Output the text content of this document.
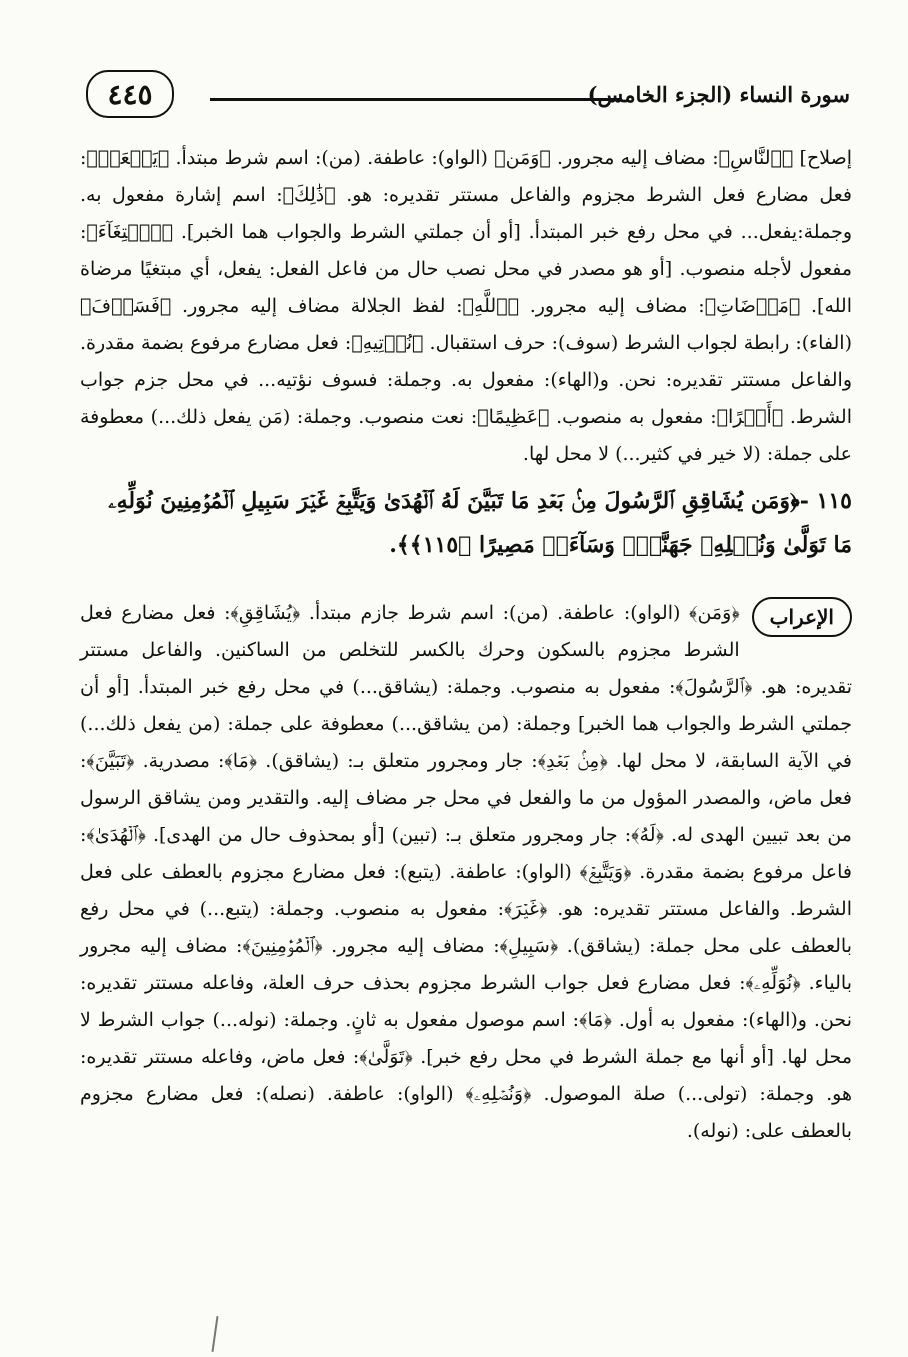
٤٤٥	سورة النساء (الجزء الخامس)

إصلاح] ﴿ٱلنَّاسِ﴾: مضاف إليه مجرور. ﴿وَمَن﴾ (الواو): عاطفة. (من): اسم شرط مبتدأ. ﴿يَفۡعَلۡ﴾: فعل مضارع فعل الشرط مجزوم والفاعل مستتر تقديره: هو. ﴿ذَٰلِكَ﴾: اسم إشارة مفعول به. وجملة:يفعل... في محل رفع خبر المبتدأ. [أو أن جملتي الشرط والجواب هما الخبر]. ﴿ٱبۡتِغَآءَ﴾: مفعول لأجله منصوب. [أو هو مصدر في محل نصب حال من فاعل الفعل: يفعل، أي مبتغيًا مرضاة الله]. ﴿مَرۡضَاتِ﴾: مضاف إليه مجرور. ﴿ٱللَّهِ﴾: لفظ الجلالة مضاف إليه مجرور. ﴿فَسَوۡفَ﴾ (الفاء): رابطة لجواب الشرط (سوف): حرف استقبال. ﴿نُؤۡتِيهِ﴾: فعل مضارع مرفوع بضمة مقدرة. والفاعل مستتر تقديره: نحن. و(الهاء): مفعول به. وجملة: فسوف نؤتيه... في محل جزم جواب الشرط. ﴿أَجۡرًا﴾: مفعول به منصوب. ﴿عَظِيمًا﴾: نعت منصوب. وجملة: (مَن يفعل ذلك...) معطوفة على جملة: (لا خير في كثير...) لا محل لها.

١١٥ -﴿وَمَن يُشَاقِقِ ٱلرَّسُولَ مِنۢ بَعۡدِ مَا تَبَيَّنَ لَهُ ٱلۡهُدَىٰ وَيَتَّبِعۡ غَيۡرَ سَبِيلِ ٱلۡمُؤۡمِنِينَ نُوَلِّهِۦ

مَا تَوَلَّىٰ وَنُصۡلِهِۦ جَهَنَّمَۖ وَسَآءَتۡ مَصِيرًا ﴿١١٥﴾﴾.

الإعراب
﴿وَمَن﴾ (الواو): عاطفة. (من): اسم شرط جازم مبتدأ. ﴿يُشَاقِقِ﴾: فعل مضارع فعل الشرط مجزوم بالسكون وحرك بالكسر للتخلص من الساكنين. والفاعل مستتر تقديره: هو. ﴿ٱلرَّسُولَ﴾: مفعول به منصوب. وجملة: (يشاقق...) في محل رفع خبر المبتدأ. [أو أن جملتي الشرط والجواب هما الخبر] وجملة: (من يشاقق...) معطوفة على جملة: (من يفعل ذلك...) في الآية السابقة، لا محل لها. ﴿مِنۢ بَعۡدِ﴾: جار ومجرور متعلق بـ: (يشاقق). ﴿مَا﴾: مصدرية. ﴿تَبَيَّنَ﴾: فعل ماض، والمصدر المؤول من ما والفعل في محل جر مضاف إليه. والتقدير ومن يشاقق الرسول من بعد تبيين الهدى له. ﴿لَهُ﴾: جار ومجرور متعلق بـ: (تبين) [أو بمحذوف حال من الهدى]. ﴿ٱلۡهُدَىٰ﴾: فاعل مرفوع بضمة مقدرة. ﴿وَيَتَّبِعۡ﴾ (الواو): عاطفة. (يتبع): فعل مضارع مجزوم بالعطف على فعل الشرط. والفاعل مستتر تقديره: هو. ﴿غَيۡرَ﴾: مفعول به منصوب. وجملة: (يتبع...) في محل رفع بالعطف على محل جملة: (يشاقق). ﴿سَبِيلِ﴾: مضاف إليه مجرور. ﴿ٱلۡمُؤۡمِنِينَ﴾: مضاف إليه مجرور بالياء. ﴿نُوَلِّهِۦ﴾: فعل مضارع فعل جواب الشرط مجزوم بحذف حرف العلة، وفاعله مستتر تقديره: نحن. و(الهاء): مفعول به أول. ﴿مَا﴾: اسم موصول مفعول به ثانٍ. وجملة: (نوله...) جواب الشرط لا محل لها. [أو أنها مع جملة الشرط في محل رفع خبر]. ﴿تَوَلَّىٰ﴾: فعل ماض، وفاعله مستتر تقديره: هو. وجملة: (تولى...) صلة الموصول. ﴿وَنُصۡلِهِۦ﴾ (الواو): عاطفة. (نصله): فعل مضارع مجزوم بالعطف على: (نوله).
